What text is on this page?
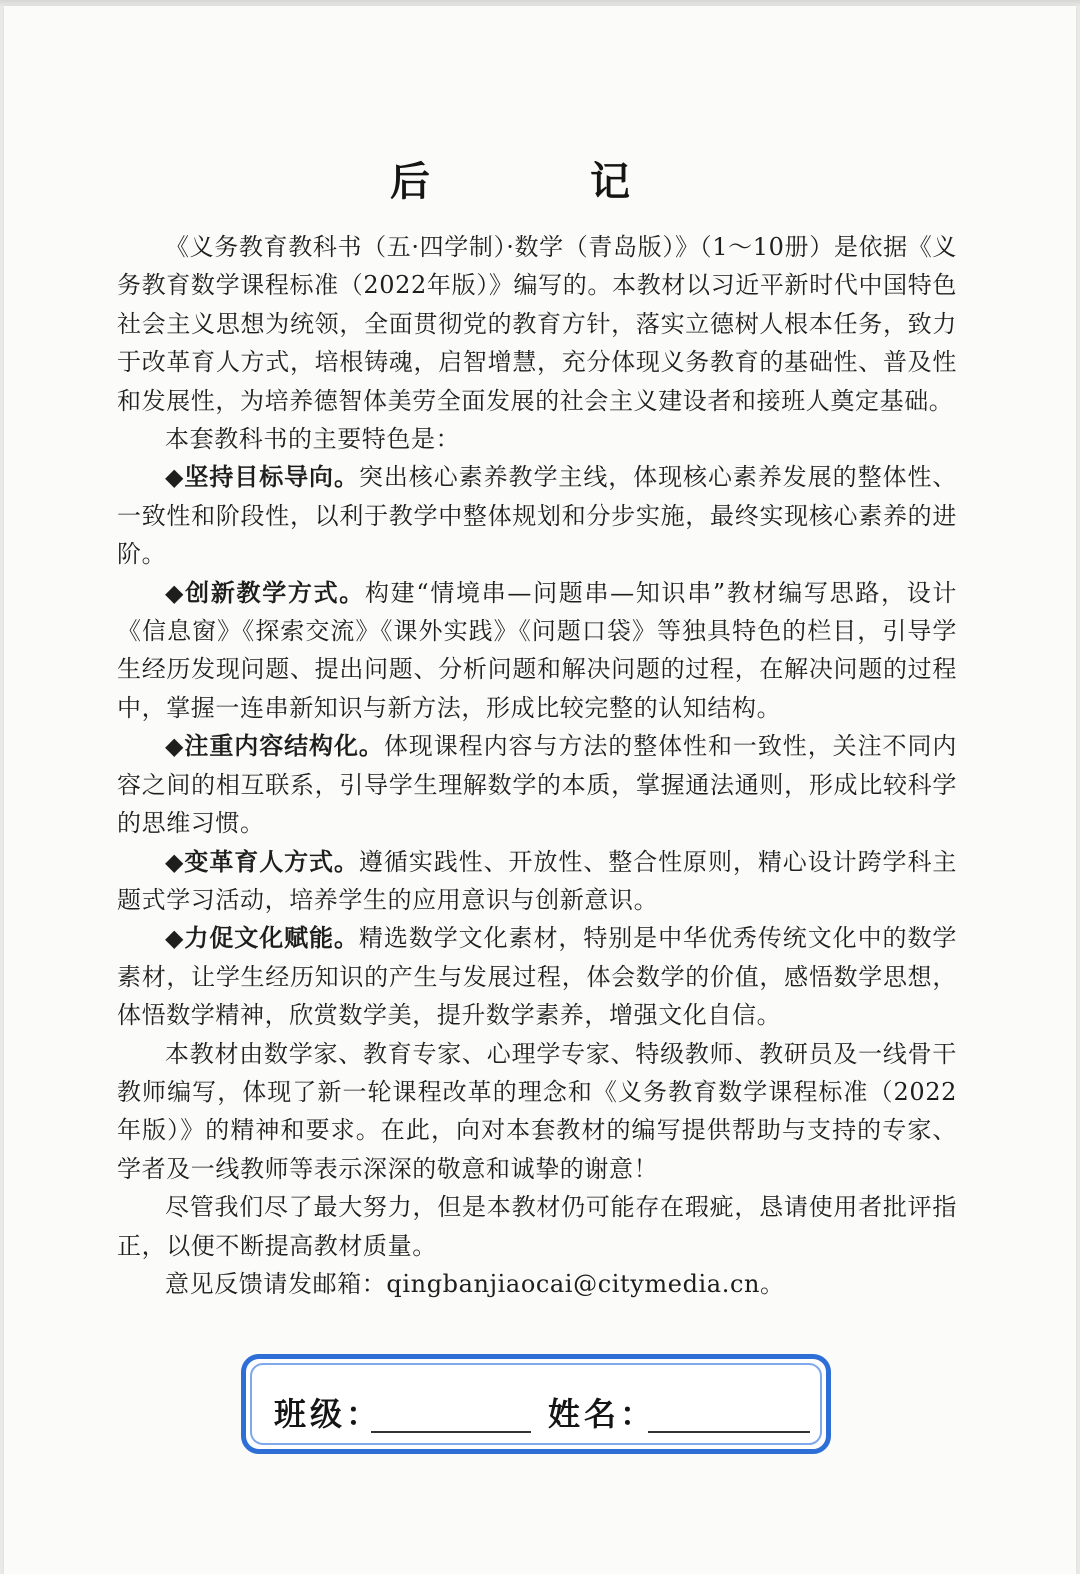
后　记

《义务教育教科书（五·四学制）·数学（青岛版）》（1～10册）是依据《义务教育数学课程标准（2022年版）》编写的。本教材以习近平新时代中国特色社会主义思想为统领，全面贯彻党的教育方针，落实立德树人根本任务，致力于改革育人方式，培根铸魂，启智增慧，充分体现义务教育的基础性、普及性和发展性，为培养德智体美劳全面发展的社会主义建设者和接班人奠定基础。

本套教科书的主要特色是：

◆坚持目标导向。突出核心素养教学主线，体现核心素养发展的整体性、一致性和阶段性，以利于教学中整体规划和分步实施，最终实现核心素养的进阶。

◆创新教学方式。构建“情境串—问题串—知识串”教材编写思路，设计《信息窗》《探索交流》《课外实践》《问题口袋》等独具特色的栏目，引导学生经历发现问题、提出问题、分析问题和解决问题的过程，在解决问题的过程中，掌握一连串新知识与新方法，形成比较完整的认知结构。

◆注重内容结构化。体现课程内容与方法的整体性和一致性，关注不同内容之间的相互联系，引导学生理解数学的本质，掌握通法通则，形成比较科学的思维习惯。

◆变革育人方式。遵循实践性、开放性、整合性原则，精心设计跨学科主题式学习活动，培养学生的应用意识与创新意识。

◆力促文化赋能。精选数学文化素材，特别是中华优秀传统文化中的数学素材，让学生经历知识的产生与发展过程，体会数学的价值，感悟数学思想，体悟数学精神，欣赏数学美，提升数学素养，增强文化自信。

本教材由数学家、教育专家、心理学专家、特级教师、教研员及一线骨干教师编写，体现了新一轮课程改革的理念和《义务教育数学课程标准（2022年版）》的精神和要求。在此，向对本套教材的编写提供帮助与支持的专家、学者及一线教师等表示深深的敬意和诚挚的谢意！

尽管我们尽了最大努力，但是本教材仍可能存在瑕疵，恳请使用者批评指正，以便不断提高教材质量。

意见反馈请发邮箱：qingbanjiaocai@citymedia.cn。

班级：	姓名：
